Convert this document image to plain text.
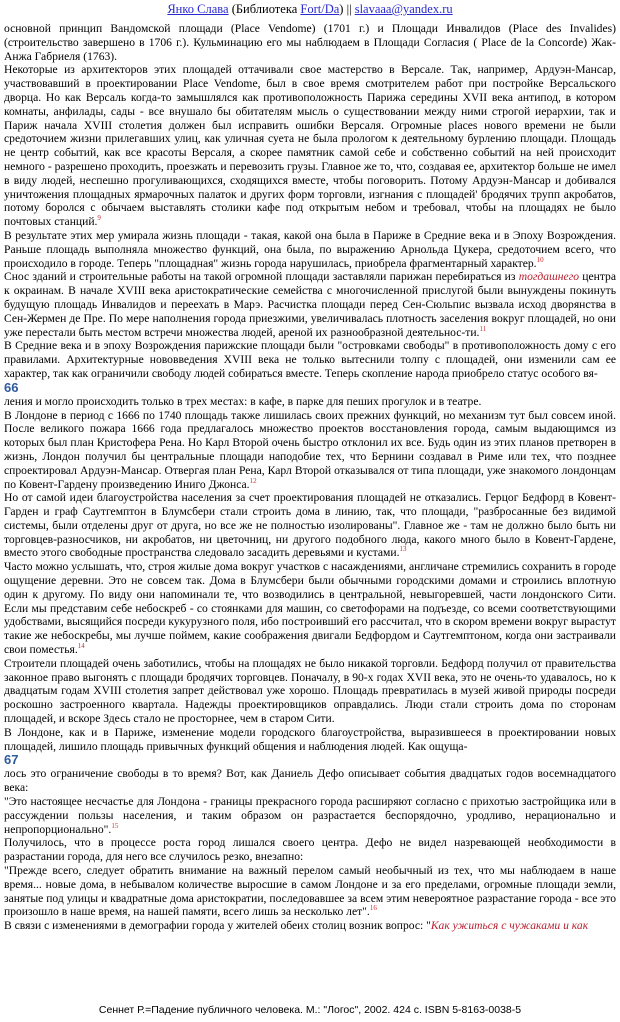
Янко Слава (Библиотека Fort/Da) || slavaaa@yandex.ru

основной принцип Вандомской площади (Place Vendome) (1701 г.) и Площади Инвалидов (Place des Invalides) (строительство завершено в 1706 г.). Кульминацию его мы наблюдаем в Площади Согласия ( Place de la Concorde) Жак-Анжа Габриеля (1763).

Некоторые из архитекторов этих площадей оттачивали свое мастерство в Версале. Так, например, Ардуэн-Мансар, участвовавший в проектировании Place Vendome, был в свое время смотрителем работ при постройке Версальского дворца. Но как Версаль когда-то замышлялся как противоположность Парижа середины XVII века антипод, в котором комнаты, анфилады, сады - все внушало бы обитателям мысль о существовании между ними строгой иерархии, так и Париж начала XVIII столетия должен был исправить ошибки Версаля. Огромные places нового времени не были средоточием жизни прилегавших улиц, как уличная суета не была прологом к деятельному бурлению площади. Площадь не центр событий, как все красоты Версаля, а скорее памятник самой себе и собственно событий на ней происходит немного - разрешено проходить, проезжать и перевозить грузы. Главное же то, что, создавая ее, архитектор больше не имел в виду людей, неспешно прогуливающихся, сходящихся вместе, чтобы поговорить. Потому Ардуэн-Мансар и добивался уничтожения площадных ярмарочных палаток и других форм торговли, изгнания с площадей' бродячих трупп акробатов, потому боролся с обычаем выставлять столики кафе под открытым небом и требовал, чтобы на площадях не было почтовых станций.$^9$

В результате этих мер умирала жизнь площади - такая, какой она была в Париже в Средние века и в Эпоху Возрождения. Раньше площадь выполняла множество функций, она была, по выражению Арнольда Цукера, средоточием всего, что происходило в городе. Теперь "площадная" жизнь города нарушилась, приобрела фрагментарный характер.$^{10}$

Снос зданий и строительные работы на такой огромной площади заставляли парижан перебираться из тогдашнего центра к окраинам. В начале XVIII века аристократические семейства с многочисленной прислугой были вынуждены покинуть будущую площадь Инвалидов и переехать в Марэ. Расчистка площади перед Сен-Сюльпис вызвала исход дворянства в Сен-Жермен де Пре. По мере наполнения города приезжими, увеличивалась плотность заселения вокруг площадей, но они уже перестали быть местом встречи множества людей, ареной их разнообразной деятельнос-ти.$^{11}$

В Средние века и в эпоху Возрождения парижские площади были "островками свободы" в противоположность дому с его правилами. Архитектурные нововведения XVIII века не только вытеснили толпу с площадей, они изменили сам ее характер, так как ограничили свободу людей собираться вместе. Теперь скопление народа приобрело статус особого вя-

66

ления и могло происходить только в трех местах: в кафе, в парке для пеших прогулок и в театре.

В Лондоне в период с 1666 по 1740 площадь также лишилась своих прежних функций, но механизм тут был совсем иной. После великого пожара 1666 года предлагалось множество проектов восстановления города, самым выдающимся из которых был план Кристофера Рена. Но Карл Второй очень быстро отклонил их все. Будь один из этих планов претворен в жизнь, Лондон получил бы центральные площади наподобие тех, что Бернини создавал в Риме или тех, что позднее спроектировал Ардуэн-Мансар. Отвергая план Рена, Карл Второй отказывался от типа площади, уже знакомого лондонцам по Ковент-Гардену произведению Иниго Джонса.$^{12}$

Но от самой идеи благоустройства населения за счет проектирования площадей не отказались. Герцог Бедфорд в Ковент-Гарден и граф Саутгемптон в Блумсбери стали строить дома в линию, так, что площади, "разбросанные без видимой системы, были отделены друг от друга, но все же не полностью изолированы". Главное же - там не должно было быть ни торговцев-разносчиков, ни акробатов, ни цветочниц, ни другого подобного люда, какого много было в Ковент-Гардене, вместо этого свободные пространства следовало засадить деревьями и кустами.$^{13}$

Часто можно услышать, что, строя жилые дома вокруг участков с насаждениями, англичане стремились сохранить в городе ощущение деревни. Это не совсем так. Дома в Блумсбери были обычными городскими домами и строились вплотную один к другому. По виду они напоминали те, что возводились в центральной, невыгоревшей, части лондонского Сити. Если мы представим себе небоскреб - со стоянками для машин, со светофорами на подъезде, со всеми соответствующими удобствами, высящийся посреди кукурузного поля, ибо построивший его рассчитал, что в скором времени вокруг вырастут такие же небоскребы, мы лучше поймем, какие соображения двигали Бедфордом и Саутгемптоном, когда они застраивали свои поместья.$^{14}$

Строители площадей очень заботились, чтобы на площадях не было никакой торговли. Бедфорд получил от правительства законное право выгонять с площади бродячих торговцев. Поначалу, в 90-х годах XVII века, это не очень-то удавалось, но к двадцатым годам XVIII столетия запрет действовал уже хорошо. Площадь превратилась в музей живой природы посреди роскошно застроенного квартала. Надежды проектировщиков оправдались. Люди стали строить дома по сторонам площадей, и вскоре Здесь стало не просторнее, чем в старом Сити.

В Лондоне, как и в Париже, изменение модели городского благоустройства, выразившееся в проектировании новых площадей, лишило площадь привычных функций общения и наблюдения людей. Как ощуща-

67

лось это ограничение свободы в то время? Вот, как Даниель Дефо описывает события двадцатых годов восемнадцатого века:

"Это настоящее несчастье для Лондона - границы прекрасного города расширяют согласно с прихотью застройщика или в рассуждении пользы населения, и таким образом он разрастается беспорядочно, уродливо, нерационально и непропорционально".$^{15}$

Получилось, что в процессе роста город лишался своего центра. Дефо не видел назревающей необходимости в разрастании города, для него все случилось резко, внезапно:

"Прежде всего, следует обратить внимание на важный перелом самый необычный из тех, что мы наблюдаем в наше время... новые дома, в небывалом количестве выросшие в самом Лондоне и за его пределами, огромные площади земли, занятые под улицы и квадратные дома аристократии, последовавшее за всем этим невероятное разрастание города - все это произошло в наше время, на нашей памяти, всего лишь за несколько лет".$^{16}$

В связи с изменениями в демографии города у жителей обеих столиц возник вопрос: "Как ужиться с чужаками и как

Сеннет Р.=Падение публичного человека. М.: "Логос", 2002. 424 с. ISBN 5-8163-0038-5
